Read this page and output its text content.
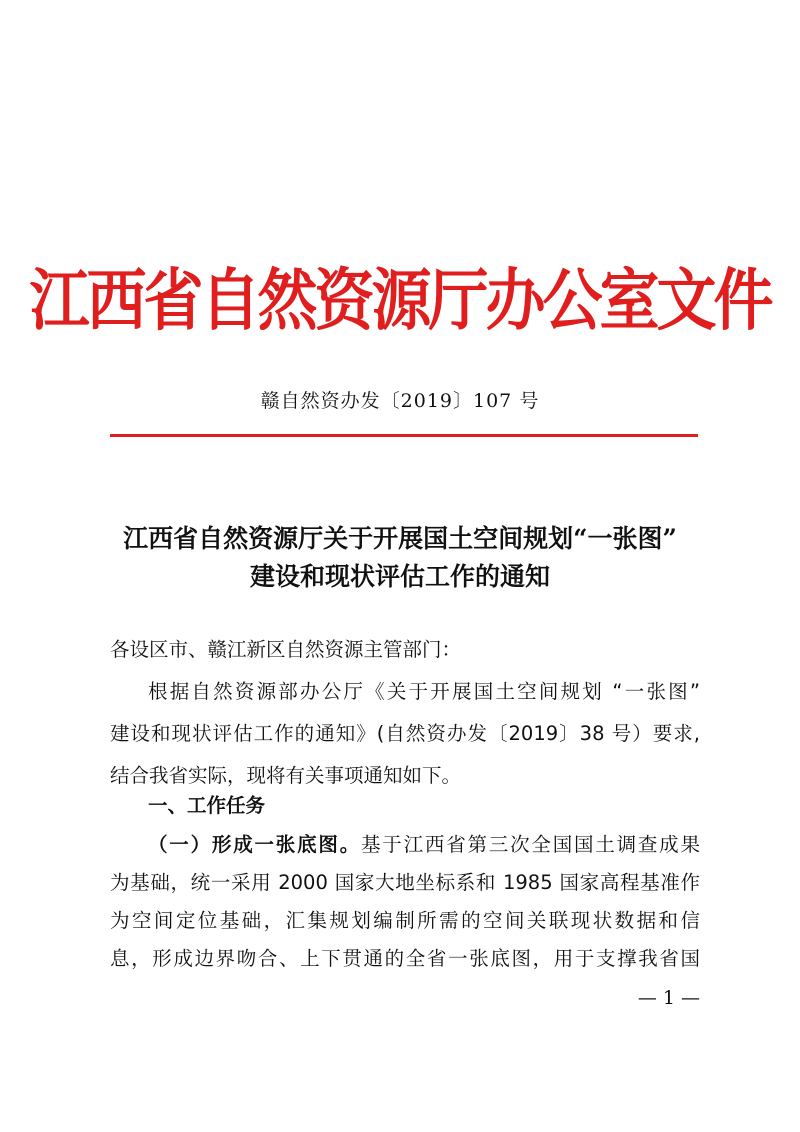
江西省自然资源厅办公室文件
赣自然资办发〔2019〕107 号
江西省自然资源厅关于开展国土空间规划“一张图”
建设和现状评估工作的通知
各设区市、赣江新区自然资源主管部门：
根据自然资源部办公厅《关于开展国土空间规划 “一张图”
建设和现状评估工作的通知》(自然资办发〔2019〕38 号）要求,
结合我省实际，现将有关事项通知如下。
一、工作任务
（一）形成一张底图。基于江西省第三次全国国土调查成果
为基础，统一采用 2000 国家大地坐标系和 1985 国家高程基准作
为空间定位基础，汇集规划编制所需的空间关联现状数据和信
息，形成边界吻合、上下贯通的全省一张底图，用于支撑我省国
— 1 —
